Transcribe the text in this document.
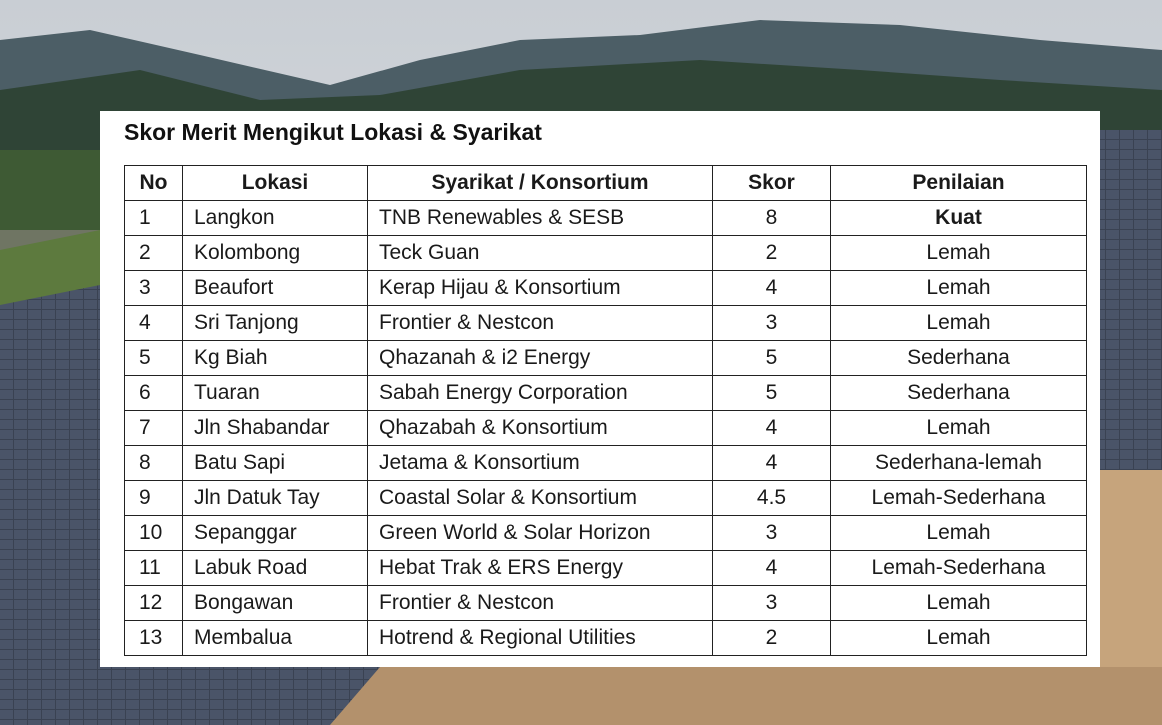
Skor Merit Mengikut Lokasi & Syarikat
No	Lokasi	Syarikat / Konsortium	Skor	Penilaian
1	Langkon	TNB Renewables & SESB	8	Kuat
2	Kolombong	Teck Guan	2	Lemah
3	Beaufort	Kerap Hijau & Konsortium	4	Lemah
4	Sri Tanjong	Frontier & Nestcon	3	Lemah
5	Kg Biah	Qhazanah & i2 Energy	5	Sederhana
6	Tuaran	Sabah Energy Corporation	5	Sederhana
7	Jln Shabandar	Qhazabah & Konsortium	4	Lemah
8	Batu Sapi	Jetama & Konsortium	4	Sederhana-lemah
9	Jln Datuk Tay	Coastal Solar & Konsortium	4.5	Lemah-Sederhana
10	Sepanggar	Green World & Solar Horizon	3	Lemah
11	Labuk Road	Hebat Trak & ERS Energy	4	Lemah-Sederhana
12	Bongawan	Frontier & Nestcon	3	Lemah
13	Membalua	Hotrend & Regional Utilities	2	Lemah
